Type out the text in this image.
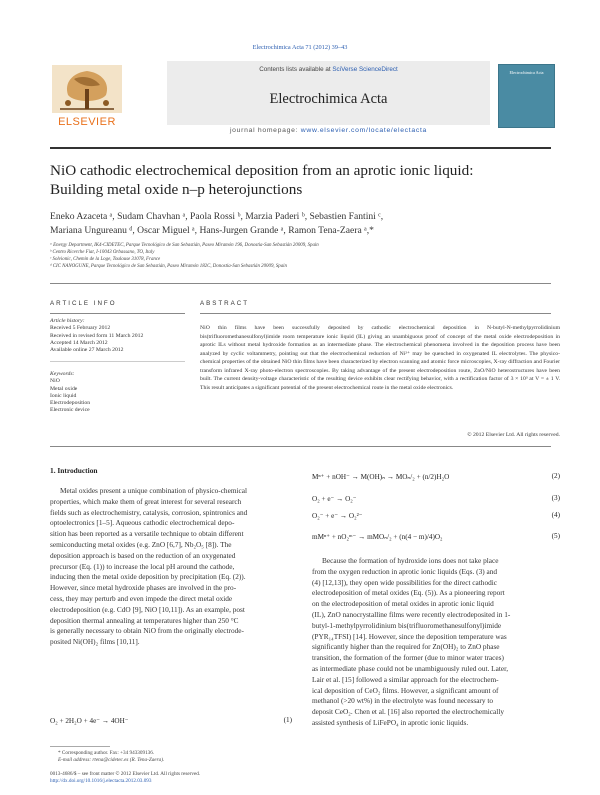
Electrochimica Acta 71 (2012) 39–43
Contents lists available at SciVerse ScienceDirect
Electrochimica Acta
journal homepage: www.elsevier.com/locate/electacta
ELSEVIER
Electrochimica Acta
NiO cathodic electrochemical deposition from an aprotic ionic liquid:
Building metal oxide n–p heterojunctions
Eneko Azaceta ᵃ, Sudam Chavhan ᵃ, Paola Rossi ᵇ, Marzia Paderi ᵇ, Sebastien Fantini ᶜ,
Mariana Ungureanu ᵈ, Oscar Miguel ᵃ, Hans-Jurgen Grande ᵃ, Ramon Tena-Zaera ᵃ,*
ᵃ Energy Department, IK4-CIDETEC, Parque Tecnológico de San Sebastián, Paseo Miramón 196, Donostia-San Sebastián 20009, Spain
ᵇ Centro Ricerche Fiat, I-10043 Orbassano, TO, Italy
ᶜ Solvionic, Chemin de la Loge, Toulouse 31078, France
ᵈ CIC NANOGUNE, Parque Tecnológico de San Sebastián, Paseo Miramón 182C, Donostia-San Sebastián 20009, Spain
ARTICLE INFO
Article history:
Received 5 February 2012
Received in revised form 11 March 2012
Accepted 14 March 2012
Available online 27 March 2012
Keywords:
NiO
Metal oxide
Ionic liquid
Electrodeposition
Electronic device
ABSTRACT
NiO thin films have been successfully deposited by cathodic electrochemical deposition in N-butyl-N-methylpyrrolidinium bis(trifluoromethanesulfonyl)imide room temperature ionic liquid (IL) giving an unambiguous proof of concept of the metal oxide electrodeposition in aprotic ILs without metal hydroxide formation as an intermediate phase. The electrochemical phenomena involved in the deposition process have been analyzed by cyclic voltammetry, pointing out that the electrochemical reduction of Ni²⁺ may be quenched in oxygenated IL electrolytes. The physico-chemical properties of the obtained NiO thin films have been characterized by electron scanning and atomic force microscopies, X-ray diffraction and Fourier transform infrared X-ray photo-electron spectroscopies. By taking advantage of the present electrodeposition route, ZnO/NiO heterostructures have been built. The current density-voltage characteristic of the resulting device exhibits clear rectifying behavior, with a rectification factor of 3 × 10³ at V = ± 1 V. This result anticipates a significant potential of the present electrochemical route in the metal oxide electronics.
© 2012 Elsevier Ltd. All rights reserved.
1. Introduction
Metal oxides present a unique combination of physico-chemical
properties, which make them of great interest for several research
fields such as electrochemistry, catalysis, corrosion, spintronics and
optoelectronics [1–5]. Aqueous cathodic electrochemical depo-
sition has been reported as a versatile technique to obtain different
semiconducting metal oxides (e.g. ZnO [6,7], Nb₂O₅ [8]). The
deposition approach is based on the reduction of an oxygenated
precursor (Eq. (1)) to increase the local pH around the cathode,
inducing then the metal oxide deposition by precipitation (Eq. (2)).
However, since metal hydroxide phases are involved in the pro-
cess, they may perturb and even impede the direct metal oxide
electrodeposition (e.g. CdO [9], NiO [10,11]). As an example, post
deposition thermal annealing at temperatures higher than 250 °C
is generally necessary to obtain NiO from the originally electrode-
posited Ni(OH)₂ films [10,11].
O₂ + 2H₂O + 4e⁻ → 4OH⁻	(1)
* Corresponding author. Fax: +34 943309136.
E-mail address: rtena@cidetec.es (R. Tena-Zaera).
0013-4686/$ – see front matter © 2012 Elsevier Ltd. All rights reserved.
http://dx.doi.org/10.1016/j.electacta.2012.03.093
Mⁿ⁺ + nOH⁻ → M(OH)ₙ → MOₙ/₂ + (n/2)H₂O	(2)
O₂ + e⁻ → O₂⁻	(3)
O₂⁻ + e⁻ → O₂²⁻	(4)
mMⁿ⁺ + nO₂ᵐ⁻ → mMOₙ/₂ + (n(4 − m)/4)O₂	(5)
Because the formation of hydroxide ions does not take place
from the oxygen reduction in aprotic ionic liquids (Eqs. (3) and
(4) [12,13]), they open wide possibilities for the direct cathodic
electrodeposition of metal oxides (Eq. (5)). As a pioneering report
on the electrodeposition of metal oxides in aprotic ionic liquid
(IL), ZnO nanocrystalline films were recently electrodeposited in 1-
butyl-1-methylpyrrolidinium bis(trifluoromethanesulfonyl)imide
(PYR₁₄TFSI) [14]. However, since the deposition temperature was
significantly higher than the required for Zn(OH)₂ to ZnO phase
transition, the formation of the former (due to minor water traces)
as intermediate phase could not be unambiguously ruled out. Later,
Lair et al. [15] followed a similar approach for the electrochem-
ical deposition of CeO₂ films. However, a significant amount of
methanol (>20 wt%) in the electrolyte was found necessary to
deposit CeO₂. Chen et al. [16] also reported the electrochemically
assisted synthesis of LiFePO₄ in aprotic ionic liquids.
